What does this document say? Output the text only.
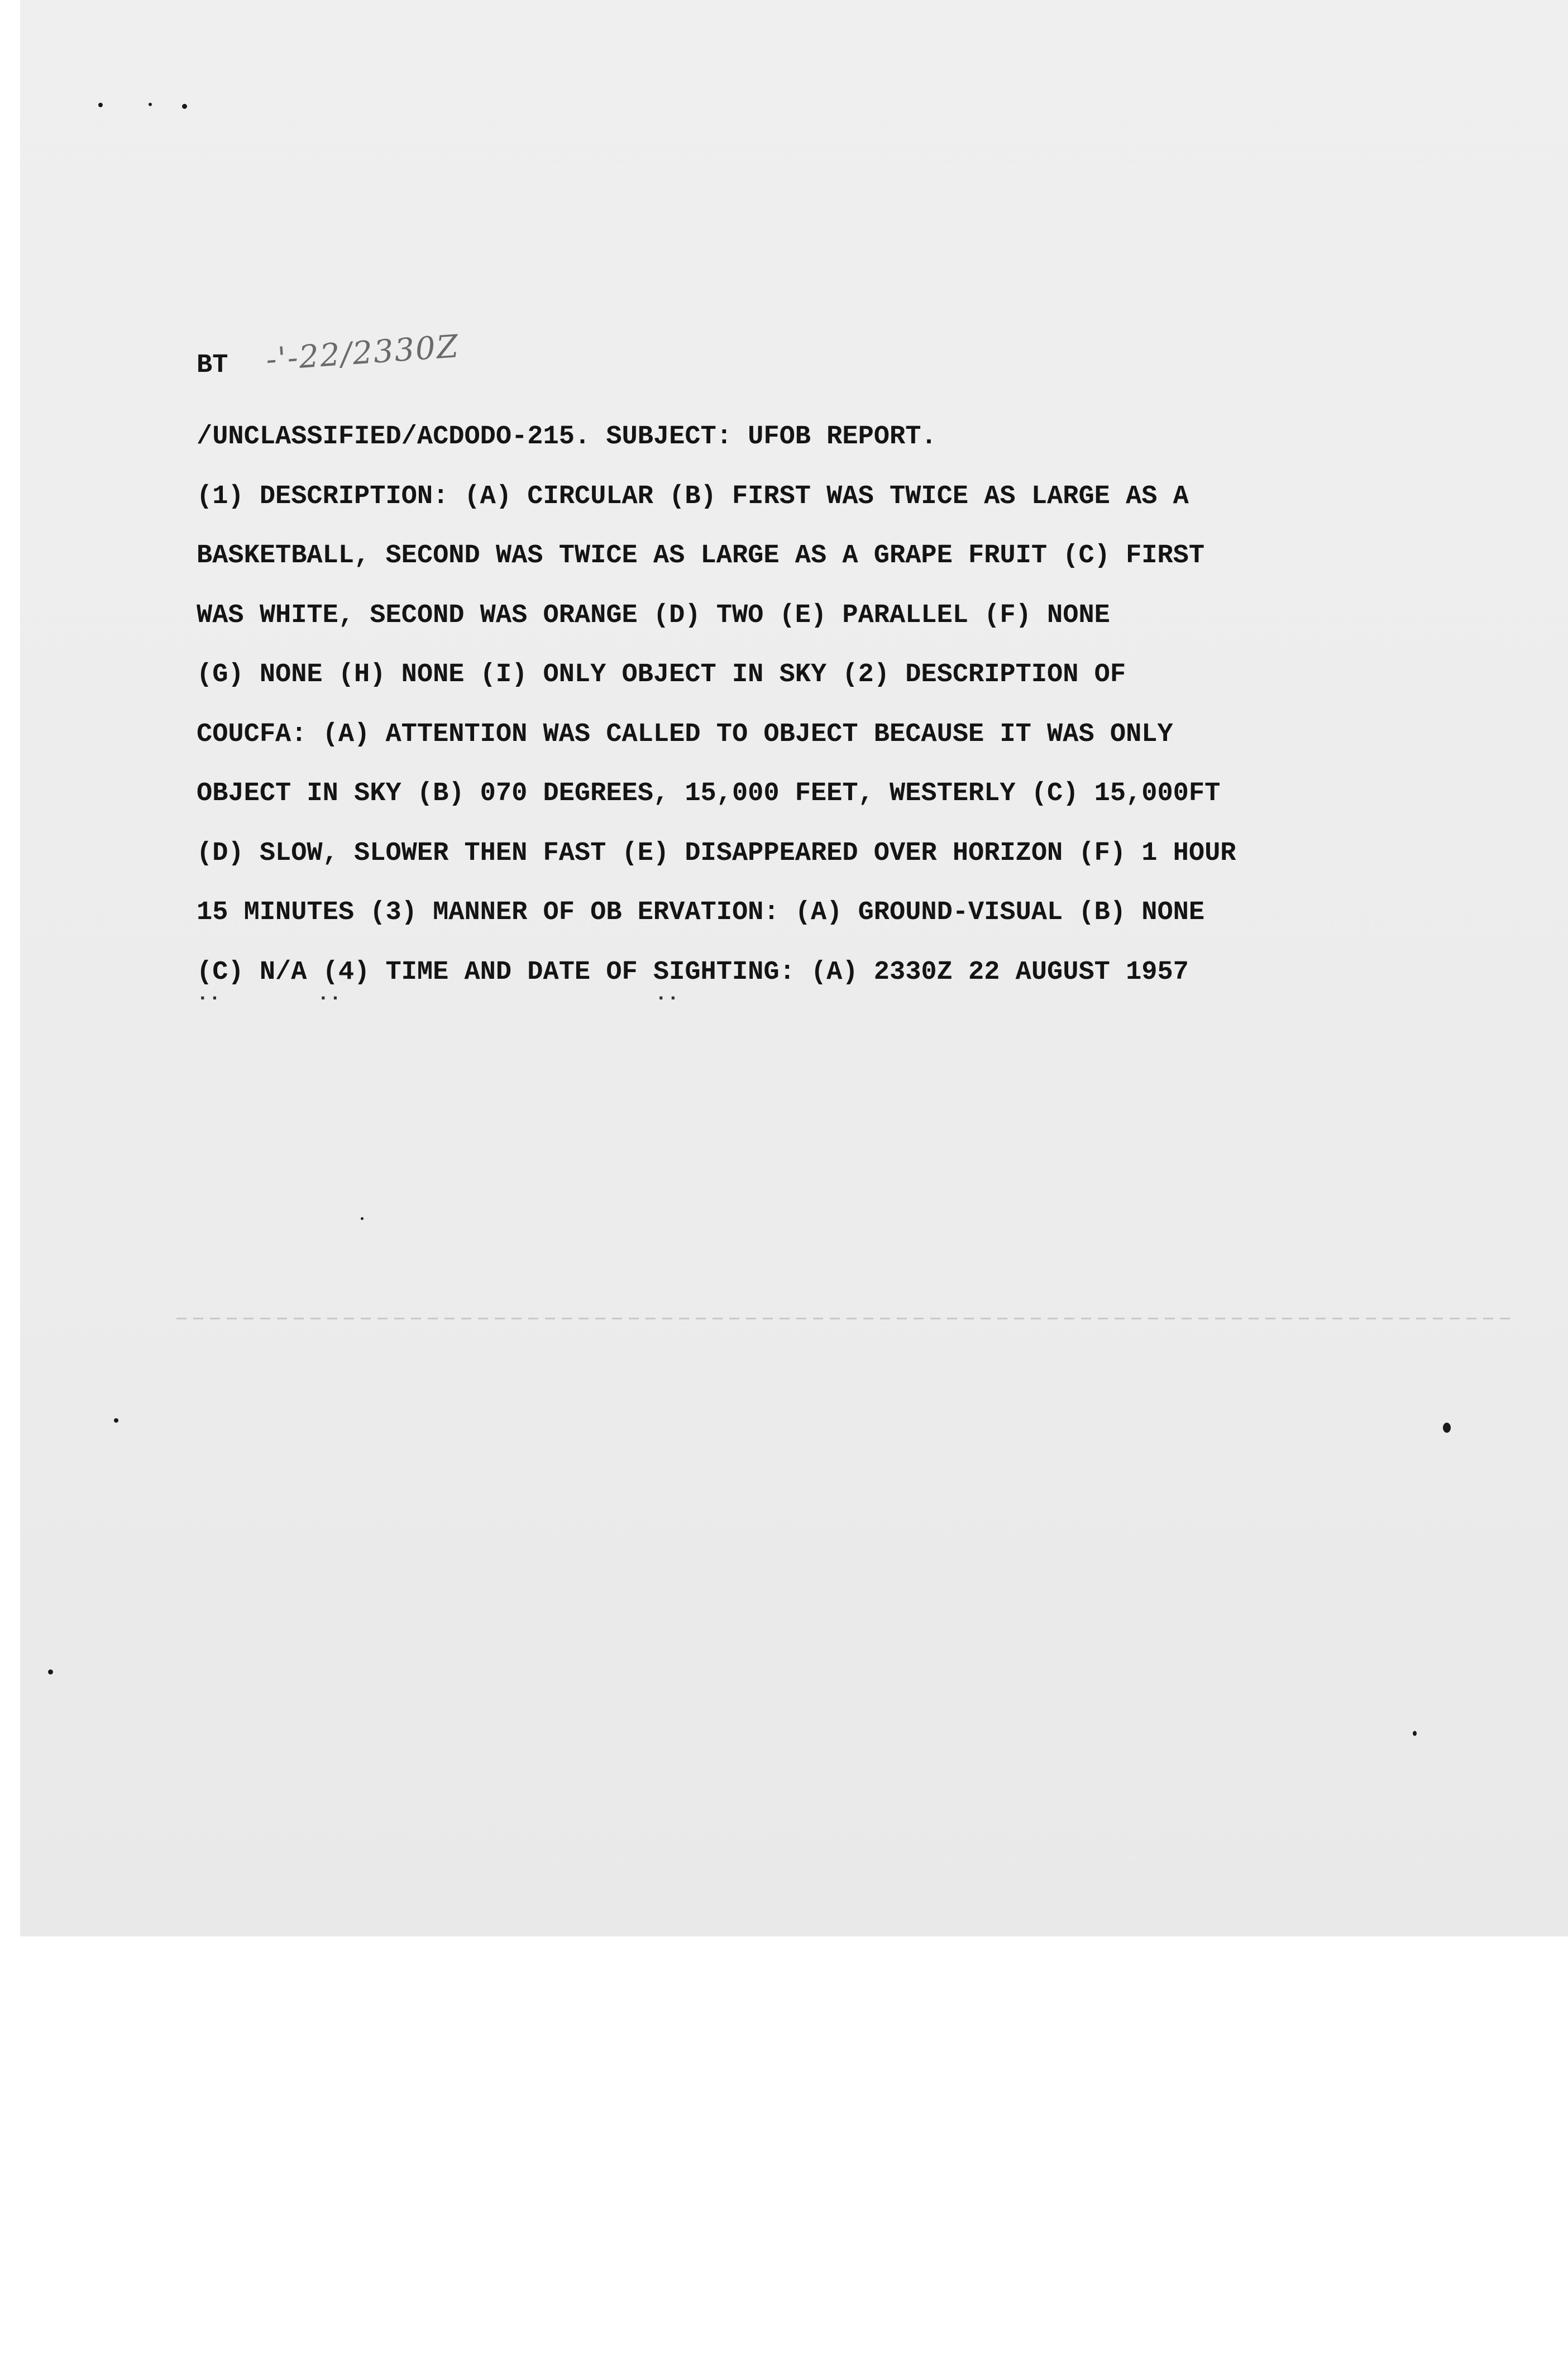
BT -'-22/2330Z
/UNCLASSIFIED/ACDODO-215. SUBJECT: UFOB REPORT.
(1) DESCRIPTION: (A) CIRCULAR (B) FIRST WAS TWICE AS LARGE AS A
BASKETBALL, SECOND WAS TWICE AS LARGE AS A GRAPE FRUIT (C) FIRST
WAS WHITE, SECOND WAS ORANGE (D) TWO (E) PARALLEL (F) NONE
(G) NONE (H) NONE (I) ONLY OBJECT IN SKY (2) DESCRIPTION OF
COUCFA: (A) ATTENTION WAS CALLED TO OBJECT BECAUSE IT WAS ONLY
OBJECT IN SKY (B) 070 DEGREES, 15,000 FEET, WESTERLY (C) 15,000FT
(D) SLOW, SLOWER THEN FAST (E) DISAPPEARED OVER HORIZON (F) 1 HOUR
15 MINUTES (3) MANNER OF OB ERVATION: (A) GROUND-VISUAL (B) NONE
(C) N/A (4) TIME AND DATE OF SIGHTING: (A) 2330Z 22 AUGUST 1957
..        ..                          ..
